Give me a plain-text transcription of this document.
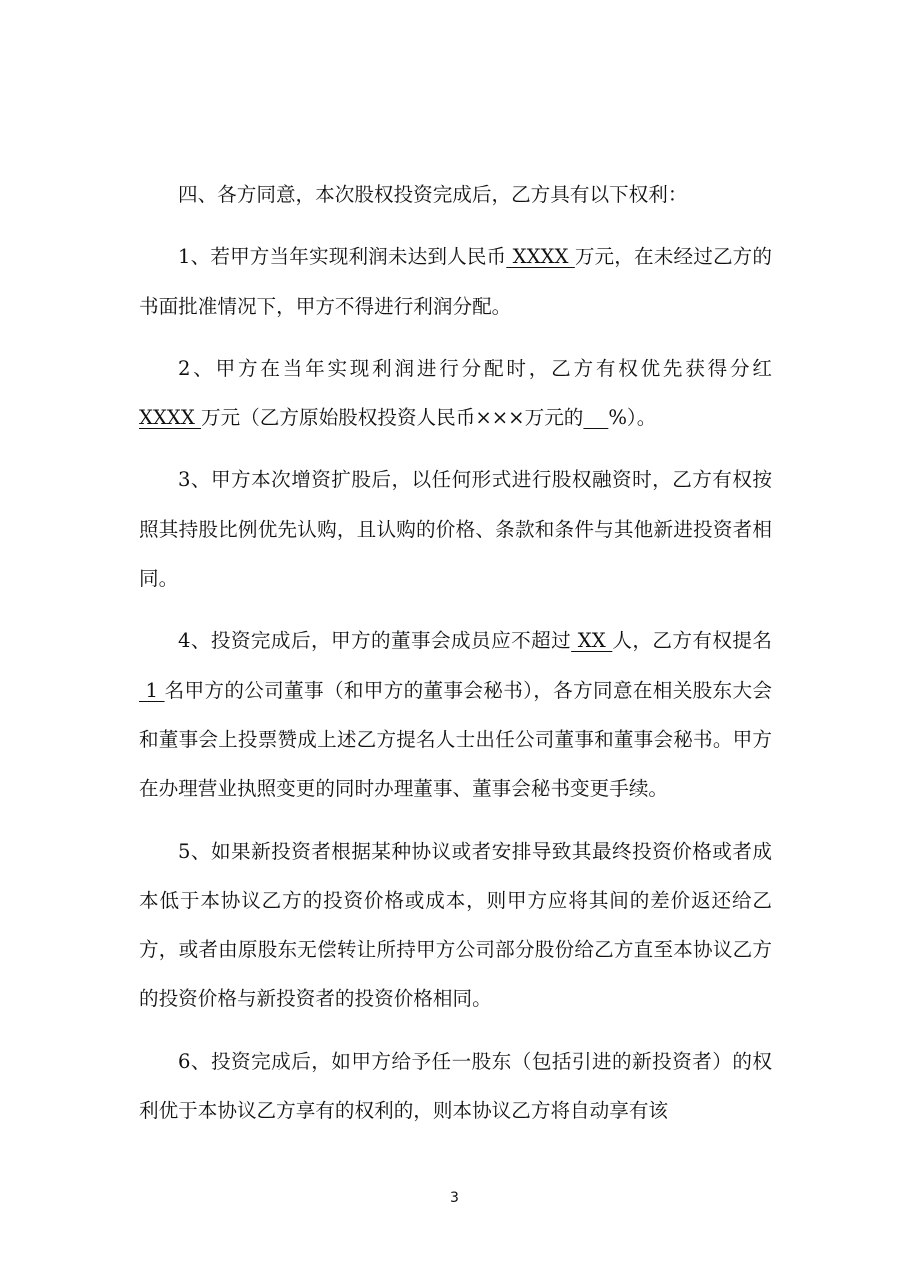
四、各方同意，本次股权投资完成后，乙方具有以下权利：

1、若甲方当年实现利润未达到人民币 XXXX 万元，在未经过乙方的书面批准情况下，甲方不得进行利润分配。

2、甲方在当年实现利润进行分配时，乙方有权优先获得分红 XXXX 万元（乙方原始股权投资人民币×××万元的 %）。

3、甲方本次增资扩股后，以任何形式进行股权融资时，乙方有权按照其持股比例优先认购，且认购的价格、条款和条件与其他新进投资者相同。

4、投资完成后，甲方的董事会成员应不超过 XX 人，乙方有权提名 1 名甲方的公司董事（和甲方的董事会秘书），各方同意在相关股东大会和董事会上投票赞成上述乙方提名人士出任公司董事和董事会秘书。甲方在办理营业执照变更的同时办理董事、董事会秘书变更手续。

5、如果新投资者根据某种协议或者安排导致其最终投资价格或者成本低于本协议乙方的投资价格或成本，则甲方应将其间的差价返还给乙方，或者由原股东无偿转让所持甲方公司部分股份给乙方直至本协议乙方的投资价格与新投资者的投资价格相同。

6、投资完成后，如甲方给予任一股东（包括引进的新投资者）的权利优于本协议乙方享有的权利的，则本协议乙方将自动享有该

3
